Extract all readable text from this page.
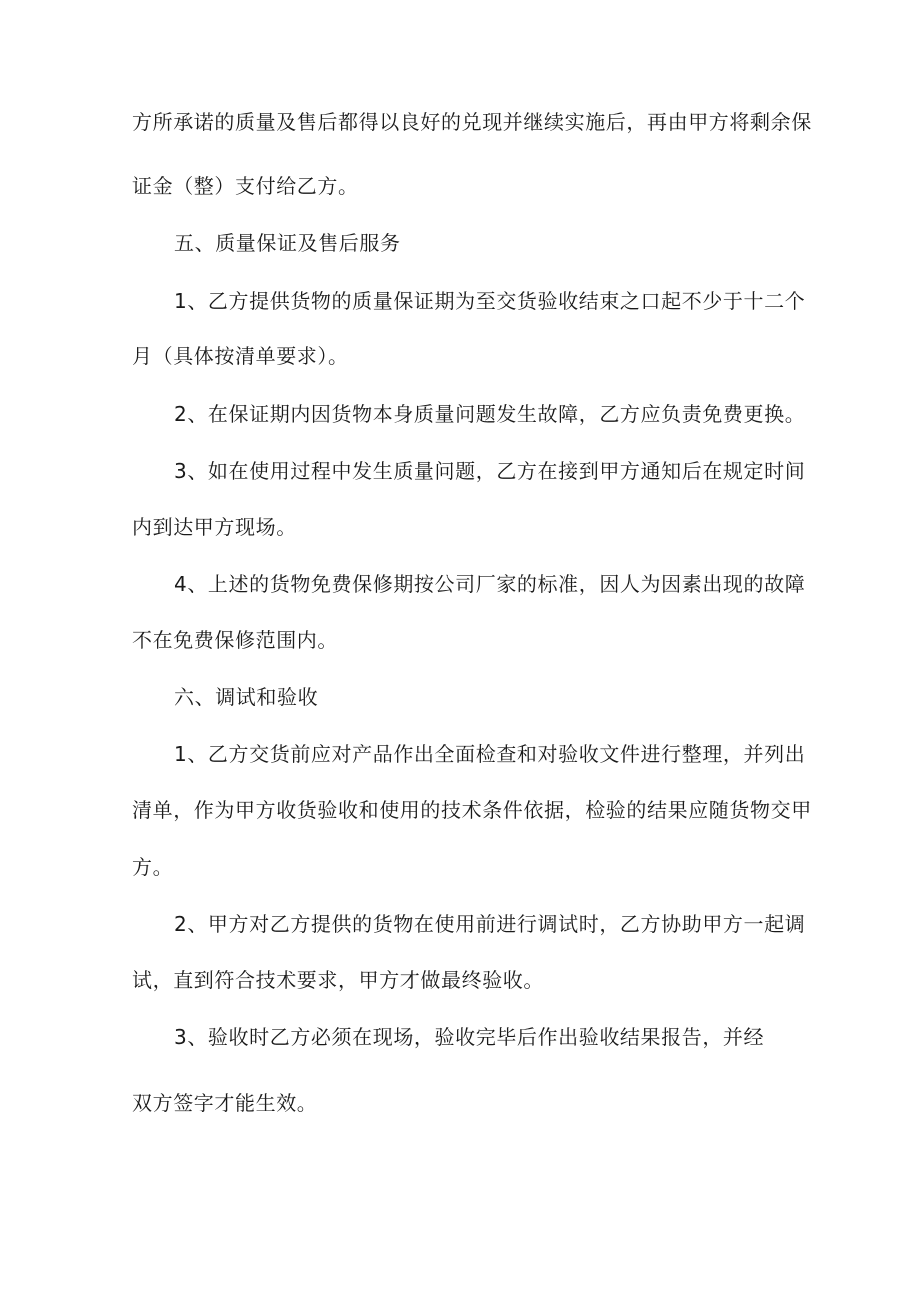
方所承诺的质量及售后都得以良好的兑现并继续实施后，再由甲方将剩余保
证金（整）支付给乙方。
五、质量保证及售后服务
1、乙方提供货物的质量保证期为至交货验收结束之口起不少于十二个
月（具体按清单要求）。
2、在保证期内因货物本身质量问题发生故障，乙方应负责免费更换。
3、如在使用过程中发生质量问题，乙方在接到甲方通知后在规定时间
内到达甲方现场。
4、上述的货物免费保修期按公司厂家的标准，因人为因素出现的故障
不在免费保修范围内。
六、调试和验收
1、乙方交货前应对产品作出全面检查和对验收文件进行整理，并列出
清单，作为甲方收货验收和使用的技术条件依据，检验的结果应随货物交甲
方。
2、甲方对乙方提供的货物在使用前进行调试时，乙方协助甲方一起调
试，直到符合技术要求，甲方才做最终验收。
3、验收时乙方必须在现场，验收完毕后作出验收结果报告，并经
双方签字才能生效。
